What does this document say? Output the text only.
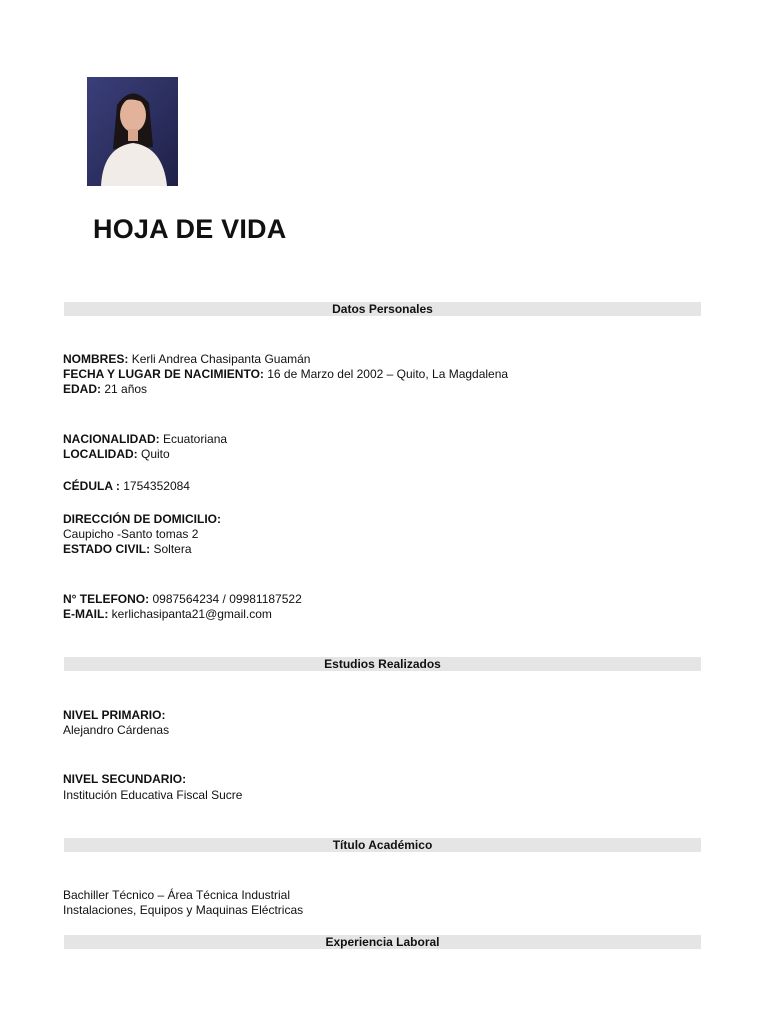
HOJA DE VIDA
Datos Personales
NOMBRES: Kerli Andrea Chasipanta Guamán
FECHA Y LUGAR DE NACIMIENTO: 16 de Marzo del 2002 – Quito, La Magdalena
EDAD: 21 años
NACIONALIDAD: Ecuatoriana
LOCALIDAD: Quito
CÉDULA : 1754352084
DIRECCIÓN DE DOMICILIO:
Caupicho -Santo tomas 2
ESTADO CIVIL: Soltera
N° TELEFONO: 0987564234 / 09981187522
E-MAIL: kerlichasipanta21@gmail.com
Estudios Realizados
NIVEL PRIMARIO:
Alejandro Cárdenas
NIVEL SECUNDARIO:
Institución Educativa Fiscal Sucre
Título Académico
Bachiller Técnico – Área Técnica Industrial
Instalaciones, Equipos y Maquinas Eléctricas
Experiencia Laboral
